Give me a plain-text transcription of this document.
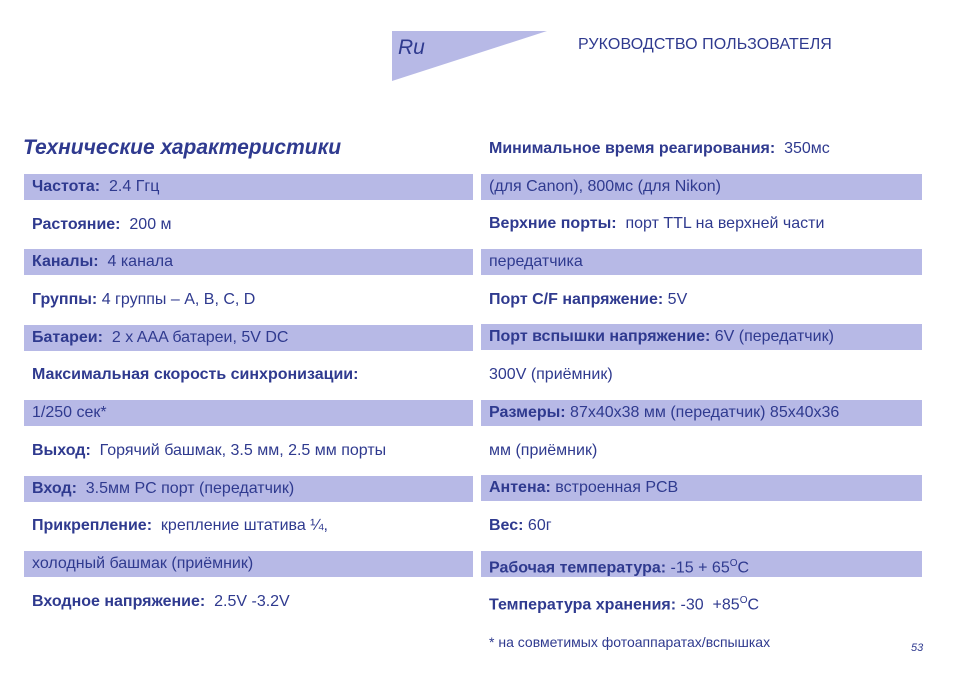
Ru	РУКОВОДСТВО ПОЛЬЗОВАТЕЛЯ
Технические характеристики
Частота:  2.4 Ггц
Растояние:  200 м
Каналы:  4 канала
Группы: 4 группы – A, B, C, D
Батареи:  2 x AAA батареи, 5V DC
Максимальная скорость синхронизации:
1/250 сек*
Выход:  Горячий башмак, 3.5 мм, 2.5 мм порты
Вход:  3.5мм PC порт (передатчик)
Прикрепление:  крепление штатива ¼,
холодный башмак (приёмник)
Входное напряжение:  2.5V -3.2V
Минимальное время реагирования:  350мс
(для Canon), 800мс (для Nikon)
Верхние порты:  порт TTL на верхней части
передатчика
Порт C/F напряжение: 5V
Порт вспышки напряжение: 6V (передатчик)
300V (приёмник)
Размеры: 87x40x38 мм (передатчик) 85x40x36
мм (приёмник)
Антена: встроенная PCB
Вес: 60г
Рабочая температура: $-15 + 65^OC$
Температура хранения: $-30 +85^OC$
* на совметимых фотоаппаратах/вспышках	53
